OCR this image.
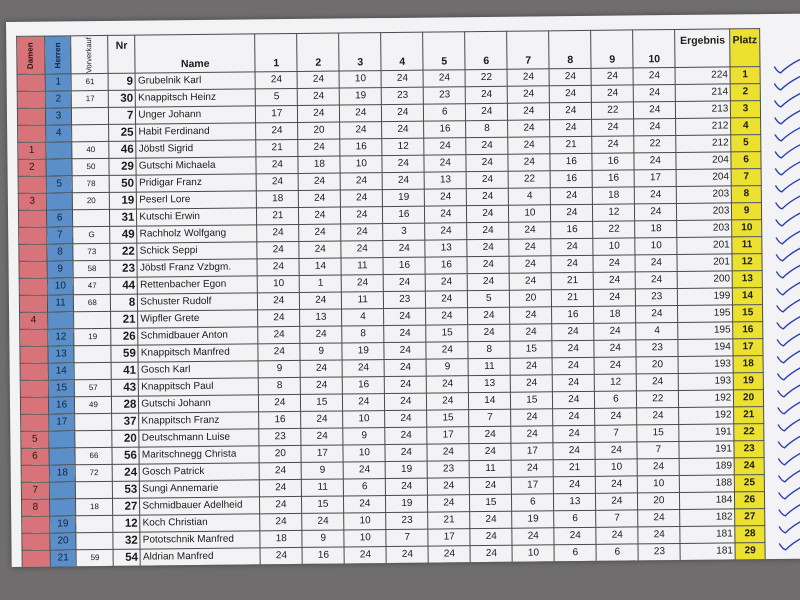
Damen	Herren	Vorverkauf	Nr	Name	1	2	3	4	5	6	7	8	9	10	Ergebnis	Platz
	1	61	9	Grubelnik Karl	24	24	10	24	24	22	24	24	24	24	224	1
	2	17	30	Knappitsch Heinz	5	24	19	23	23	24	24	24	24	24	214	2
	3		7	Unger Johann	17	24	24	24	6	24	24	24	22	24	213	3
	4		25	Habit Ferdinand	24	20	24	24	16	8	24	24	24	24	212	4
1		40	46	Jöbstl Sigrid	21	24	16	12	24	24	24	21	24	22	212	5
2		50	29	Gutschi Michaela	24	18	10	24	24	24	24	16	16	24	204	6
	5	78	50	Pridigar Franz	24	24	24	24	13	24	22	16	16	17	204	7
3		20	19	Peserl Lore	18	24	24	19	24	24	4	24	18	24	203	8
	6		31	Kutschi Erwin	21	24	24	16	24	24	10	24	12	24	203	9
	7	G	49	Rachholz Wolfgang	24	24	24	3	24	24	24	16	22	18	203	10
	8	73	22	Schick Seppi	24	24	24	24	13	24	24	24	10	10	201	11
	9	58	23	Jöbstl Franz Vzbgm.	24	14	11	16	16	24	24	24	24	24	201	12
	10	47	44	Rettenbacher Egon	10	1	24	24	24	24	24	21	24	24	200	13
	11	68	8	Schuster Rudolf	24	24	11	23	24	5	20	21	24	23	199	14
4			21	Wipfler Grete	24	13	4	24	24	24	24	16	18	24	195	15
	12	19	26	Schmidbauer Anton	24	24	8	24	15	24	24	24	24	4	195	16
	13		59	Knappitsch Manfred	24	9	19	24	24	8	15	24	24	23	194	17
	14		41	Gosch Karl	9	24	24	24	9	11	24	24	24	20	193	18
	15	57	43	Knappitsch Paul	8	24	16	24	24	13	24	24	12	24	193	19
	16	49	28	Gutschi Johann	24	15	24	24	24	14	15	24	6	22	192	20
	17		37	Knappitsch Franz	16	24	10	24	15	7	24	24	24	24	192	21
5			20	Deutschmann Luise	23	24	9	24	17	24	24	24	7	15	191	22
6		66	56	Maritschnegg Christa	20	17	10	24	24	24	17	24	24	7	191	23
	18	72	24	Gosch Patrick	24	9	24	19	23	11	24	21	10	24	189	24
7			53	Sungi Annemarie	24	11	6	24	24	24	17	24	24	10	188	25
8		18	27	Schmidbauer Adelheid	24	15	24	19	24	15	6	13	24	20	184	26
	19		12	Koch Christian	24	24	10	23	21	24	19	6	7	24	182	27
	20		32	Pototschnik Manfred	18	9	10	7	17	24	24	24	24	24	181	28
	21	59	54	Aldrian Manfred	24	16	24	24	24	24	10	6	6	23	181	29
